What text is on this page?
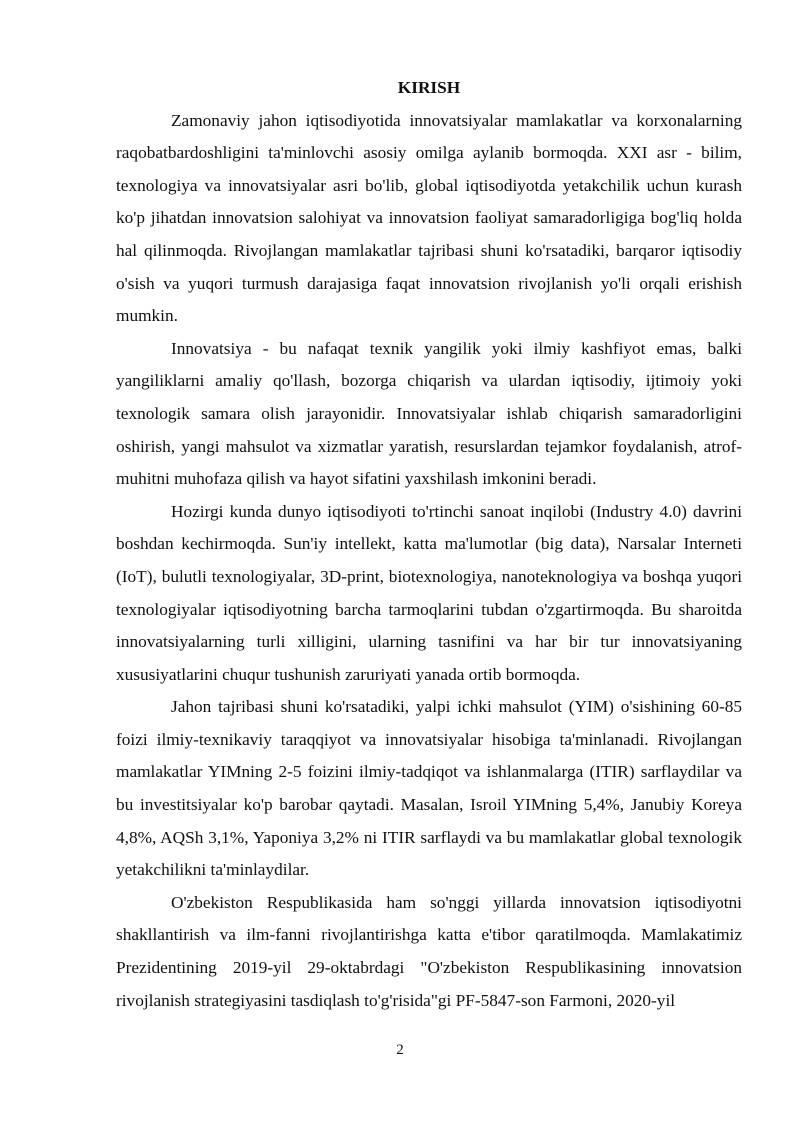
KIRISH

Zamonaviy jahon iqtisodiyotida innovatsiyalar mamlakatlar va korxonalarning raqobatbardoshligini ta'minlovchi asosiy omilga aylanib bormoqda. XXI asr - bilim, texnologiya va innovatsiyalar asri bo'lib, global iqtisodiyotda yetakchilik uchun kurash ko'p jihatdan innovatsion salohiyat va innovatsion faoliyat samaradorligiga bog'liq holda hal qilinmoqda. Rivojlangan mamlakatlar tajribasi shuni ko'rsatadiki, barqaror iqtisodiy o'sish va yuqori turmush darajasiga faqat innovatsion rivojlanish yo'li orqali erishish mumkin.

Innovatsiya - bu nafaqat texnik yangilik yoki ilmiy kashfiyot emas, balki yangiliklarni amaliy qo'llash, bozorga chiqarish va ulardan iqtisodiy, ijtimoiy yoki texnologik samara olish jarayonidir. Innovatsiyalar ishlab chiqarish samaradorligini oshirish, yangi mahsulot va xizmatlar yaratish, resurslardan tejamkor foydalanish, atrof-muhitni muhofaza qilish va hayot sifatini yaxshilash imkonini beradi.

Hozirgi kunda dunyo iqtisodiyoti to'rtinchi sanoat inqilobi (Industry 4.0) davrini boshdan kechirmoqda. Sun'iy intellekt, katta ma'lumotlar (big data), Narsalar Interneti (IoT), bulutli texnologiyalar, 3D-print, biotexnologiya, nanoteknologiya va boshqa yuqori texnologiyalar iqtisodiyotning barcha tarmoqlarini tubdan o'zgartirmoqda. Bu sharoitda innovatsiyalarning turli xilligini, ularning tasnifini va har bir tur innovatsiyaning xususiyatlarini chuqur tushunish zaruriyati yanada ortib bormoqda.

Jahon tajribasi shuni ko'rsatadiki, yalpi ichki mahsulot (YIM) o'sishining 60-85 foizi ilmiy-texnikaviy taraqqiyot va innovatsiyalar hisobiga ta'minlanadi. Rivojlangan mamlakatlar YIMning 2-5 foizini ilmiy-tadqiqot va ishlanmalarga (ITIR) sarflaydilar va bu investitsiyalar ko'p barobar qaytadi. Masalan, Isroil YIMning 5,4%, Janubiy Koreya 4,8%, AQSh 3,1%, Yaponiya 3,2% ni ITIR sarflaydi va bu mamlakatlar global texnologik yetakchilikni ta'minlaydilar.

O'zbekiston Respublikasida ham so'nggi yillarda innovatsion iqtisodiyotni shakllantirish va ilm-fanni rivojlantirishga katta e'tibor qaratilmoqda. Mamlakatimiz Prezidentining 2019-yil 29-oktabrdagi "O'zbekiston Respublikasining innovatsion rivojlanish strategiyasini tasdiqlash to'g'risida"gi PF-5847-son Farmoni, 2020-yil

2
